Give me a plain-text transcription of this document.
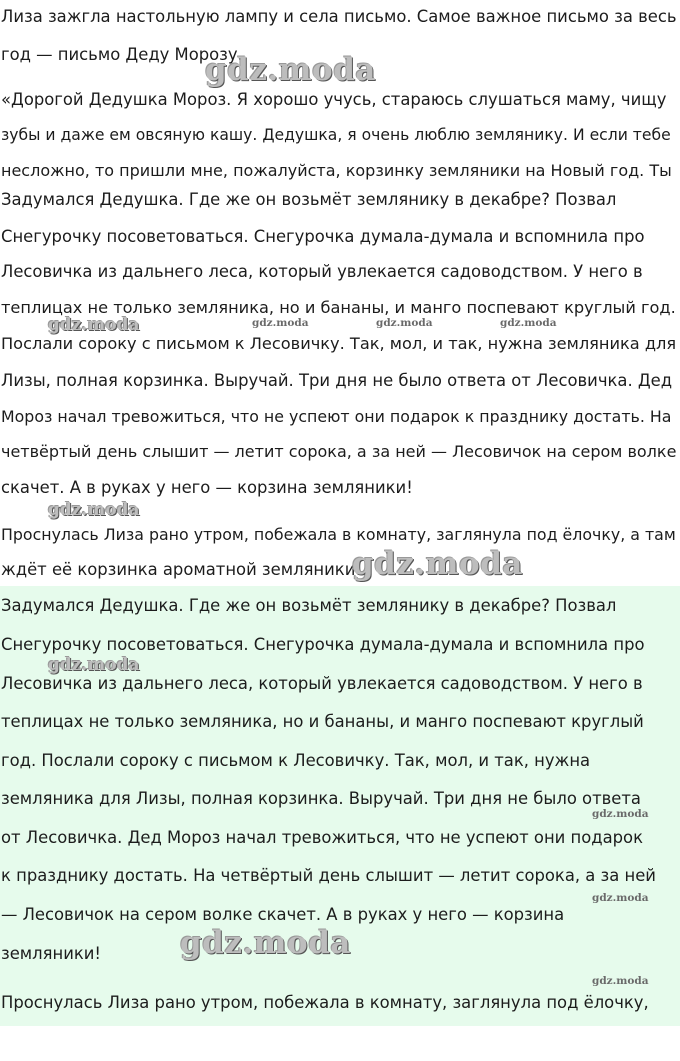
Лиза зажгла настольную лампу и села письмо. Самое важное письмо за весь
год — письмо Деду Морозу.
«Дорогой Дедушка Мороз. Я хорошо учусь, стараюсь слушаться маму, чищу
зубы и даже ем овсяную кашу. Дедушка, я очень люблю землянику. И если тебе
несложно, то пришли мне, пожалуйста, корзинку земляники на Новый год. Ты
Задумался Дедушка. Где же он возьмёт землянику в декабре? Позвал
Снегурочку посоветоваться. Снегурочка думала-думала и вспомнила про
Лесовичка из дальнего леса, который увлекается садоводством. У него в
теплицах не только земляника, но и бананы, и манго поспевают круглый год.
Послали сороку с письмом к Лесовичку. Так, мол, и так, нужна земляника для
Лизы, полная корзинка. Выручай. Три дня не было ответа от Лесовичка. Дед
Мороз начал тревожиться, что не успеют они подарок к празднику достать. На
четвёртый день слышит — летит сорока, а за ней — Лесовичок на сером волке
скачет. А в руках у него — корзина земляники!
Проснулась Лиза рано утром, побежала в комнату, заглянула под ёлочку, а там
ждёт её корзинка ароматной земляники!
Задумался Дедушка. Где же он возьмёт землянику в декабре? Позвал
Снегурочку посоветоваться. Снегурочка думала-думала и вспомнила про
Лесовичка из дальнего леса, который увлекается садоводством. У него в
теплицах не только земляника, но и бананы, и манго поспевают круглый
год. Послали сороку с письмом к Лесовичку. Так, мол, и так, нужна
земляника для Лизы, полная корзинка. Выручай. Три дня не было ответа
от Лесовичка. Дед Мороз начал тревожиться, что не успеют они подарок
к празднику достать. На четвёртый день слышит — летит сорока, а за ней
— Лесовичок на сером волке скачет. А в руках у него — корзина
земляники!
Проснулась Лиза рано утром, побежала в комнату, заглянула под ёлочку,
gdz.moda
gdz.moda	gdz.moda	gdz.moda	gdz.moda
gdz.moda
gdz.moda
gdz.moda
gdz.moda
gdz.moda
gdz.moda
gdz.moda
